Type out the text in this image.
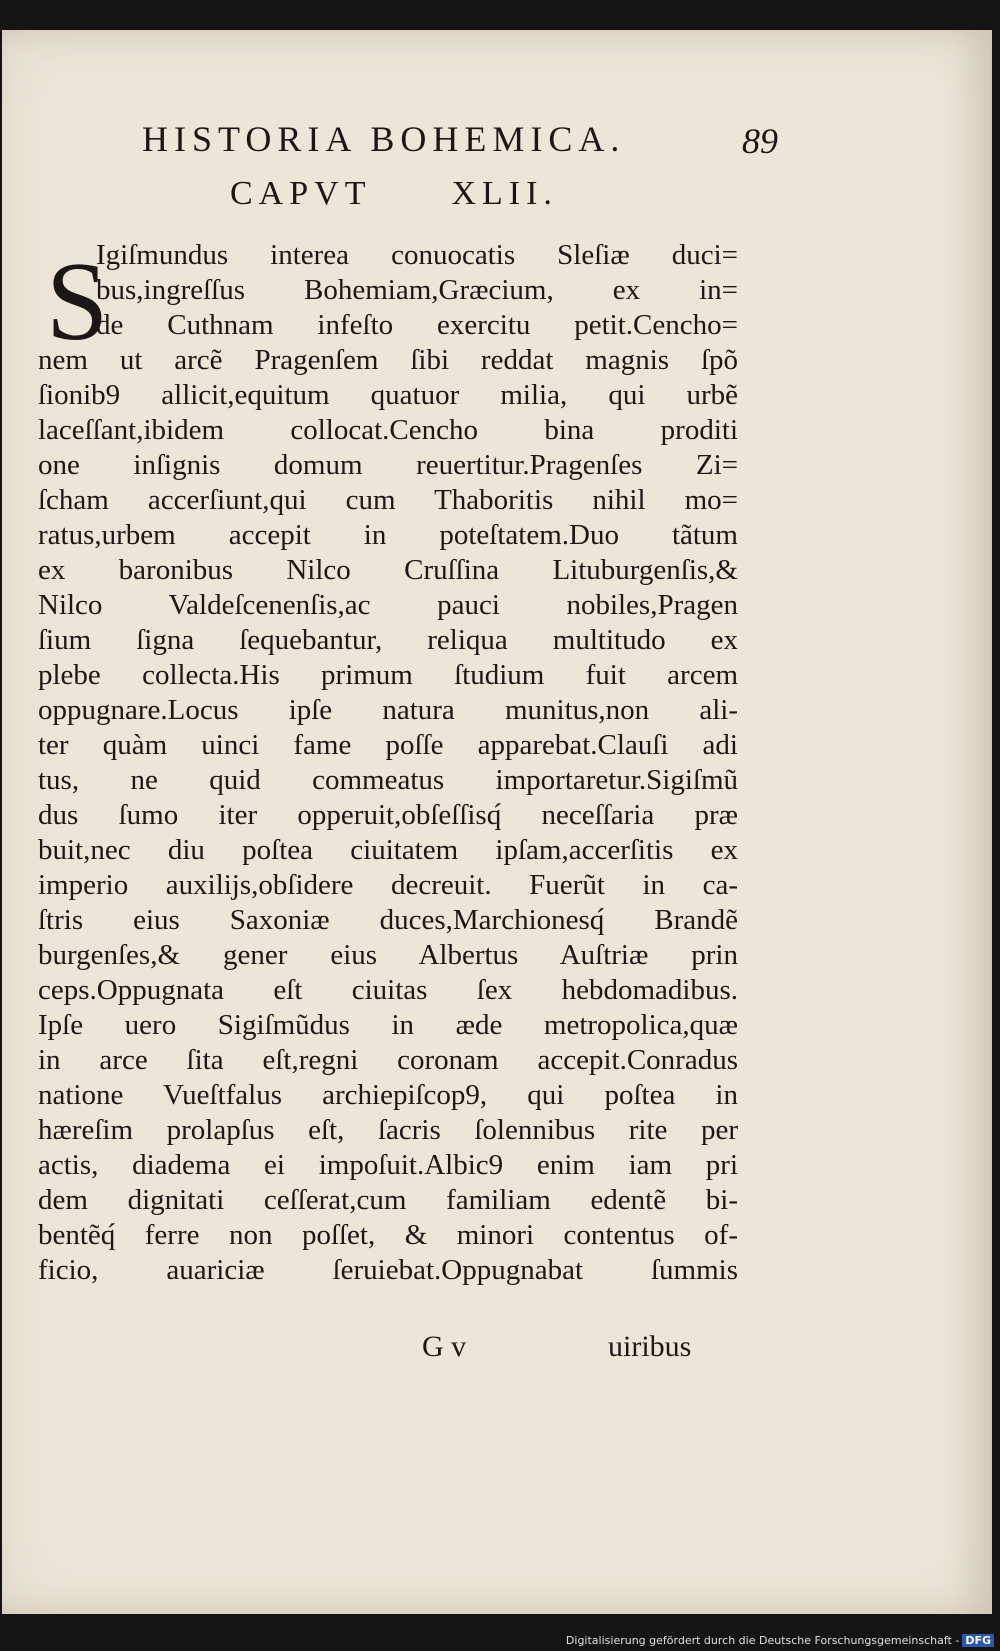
HISTORIA BOHEMICA.	89
CAPVT XLII.
S
Igiſmundus interea conuocatis Sleſiæ duci=
bus,ingreſſus Bohemiam,Græcium, ex in=
de Cuthnam infeſto exercitu petit.Cencho=
nem ut arcẽ Pragenſem ſibi reddat magnis ſpõ
ſionib9 allicit,equitum quatuor milia, qui urbẽ
laceſſant,ibidem collocat.Cencho bina proditi
one inſignis domum reuertitur.Pragenſes Zi=
ſcham accerſiunt,qui cum Thaboritis nihil mo=
ratus,urbem accepit in poteſtatem.Duo tãtum
ex baronibus Nilco Cruſſina Lituburgenſis,&
Nilco Valdeſcenenſis,ac pauci nobiles,Pragen
ſium ſigna ſequebantur, reliqua multitudo ex
plebe collecta.His primum ſtudium fuit arcem
oppugnare.Locus ipſe natura munitus,non ali-
ter quàm uinci fame poſſe apparebat.Clauſi adi
tus, ne quid commeatus importaretur.Sigiſmũ
dus ſumo iter opperuit,obſeſſisq́ neceſſaria præ
buit,nec diu poſtea ciuitatem ipſam,accerſitis ex
imperio auxilijs,obſidere decreuit. Fuerũt in ca-
ſtris eius Saxoniæ duces,Marchionesq́ Brandẽ
burgenſes,& gener eius Albertus Auſtriæ prin
ceps.Oppugnata eſt ciuitas ſex hebdomadibus.
Ipſe uero Sigiſmũdus in æde metropolica,quæ
in arce ſita eſt,regni coronam accepit.Conradus
natione Vueſtfalus archiepiſcop9, qui poſtea in
hæreſim prolapſus eſt, ſacris ſolennibus rite per
actis, diadema ei impoſuit.Albic9 enim iam pri
dem dignitati ceſſerat,cum familiam edentẽ bi-
bentẽq́ ferre non poſſet, & minori contentus of-
ficio, auariciæ ſeruiebat.Oppugnabat ſummis
G v	uiribus
Digitalisierung gefördert durch die Deutsche Forschungsgemeinschaft - DFG
